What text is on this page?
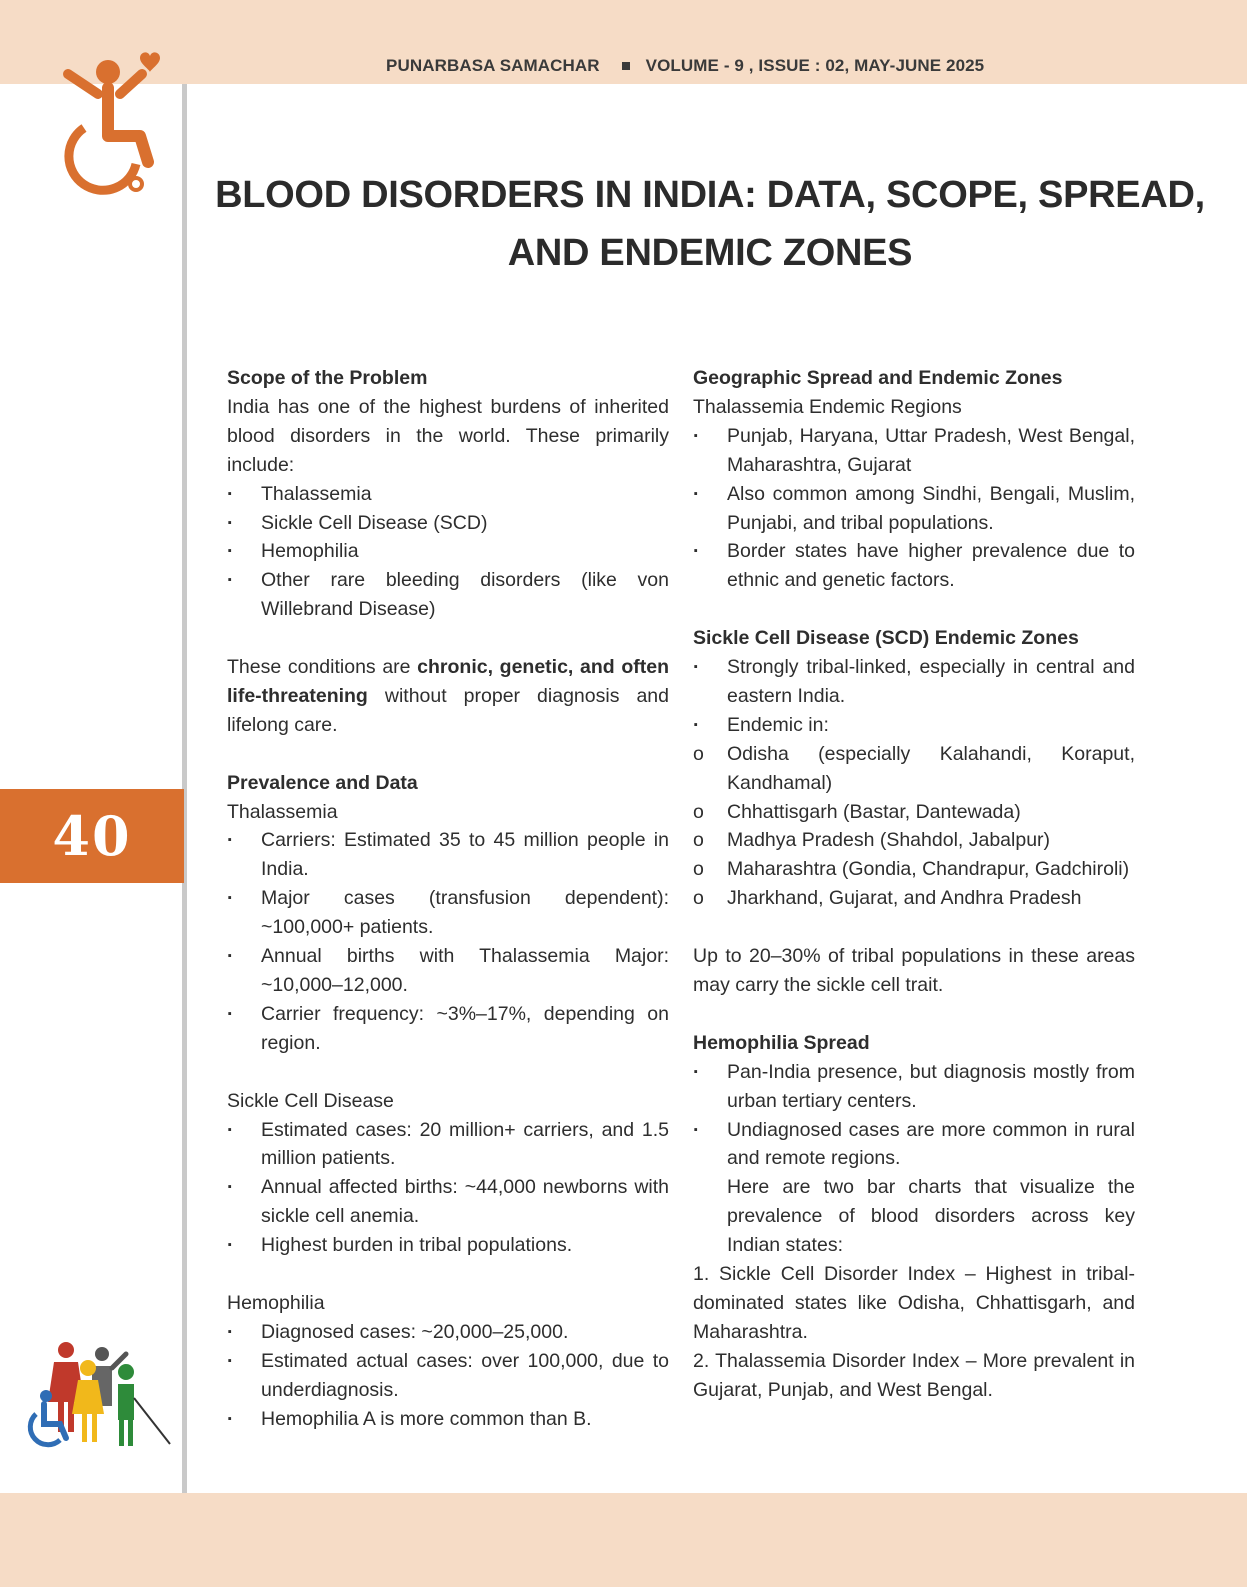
PUNARBASA SAMACHAR	VOLUME - 9 , ISSUE : 02, MAY-JUNE 2025
40
BLOOD DISORDERS IN INDIA: DATA, SCOPE, SPREAD, AND ENDEMIC ZONES
Scope of the Problem

India has one of the highest burdens of inherited blood disorders in the world. These primarily include:

· Thalassemia
· Sickle Cell Disease (SCD)
· Hemophilia
· Other rare bleeding disorders (like von Willebrand Disease)

These conditions are chronic, genetic, and often life-threatening without proper diagnosis and lifelong care.

Prevalence and Data

Thalassemia

· Carriers: Estimated 35 to 45 million people in India.
· Major cases (transfusion dependent): ~100,000+ patients.
· Annual births with Thalassemia Major: ~10,000–12,000.
· Carrier frequency: ~3%–17%, depending on region.

Sickle Cell Disease

· Estimated cases: 20 million+ carriers, and 1.5 million patients.
· Annual affected births: ~44,000 newborns with sickle cell anemia.
· Highest burden in tribal populations.

Hemophilia

· Diagnosed cases: ~20,000–25,000.
· Estimated actual cases: over 100,000, due to underdiagnosis.
· Hemophilia A is more common than B.
Geographic Spread and Endemic Zones

Thalassemia Endemic Regions

· Punjab, Haryana, Uttar Pradesh, West Bengal, Maharashtra, Gujarat
· Also common among Sindhi, Bengali, Muslim, Punjabi, and tribal populations.
· Border states have higher prevalence due to ethnic and genetic factors.
Sickle Cell Disease (SCD) Endemic Zones
· Strongly tribal-linked, especially in central and eastern India.
· Endemic in:
o Odisha (especially Kalahandi, Koraput, Kandhamal)
o Chhattisgarh (Bastar, Dantewada)
o Madhya Pradesh (Shahdol, Jabalpur)
o Maharashtra (Gondia, Chandrapur, Gadchiroli)
o Jharkhand, Gujarat, and Andhra Pradesh

Up to 20–30% of tribal populations in these areas may carry the sickle cell trait.

Hemophilia Spread
· Pan-India presence, but diagnosis mostly from urban tertiary centers.
· Undiagnosed cases are more common in rural and remote regions.

Here are two bar charts that visualize the prevalence of blood disorders across key Indian states:

1. Sickle Cell Disorder Index – Highest in tribal-dominated states like Odisha, Chhattisgarh, and Maharashtra.

2. Thalassemia Disorder Index – More prevalent in Gujarat, Punjab, and West Bengal.
